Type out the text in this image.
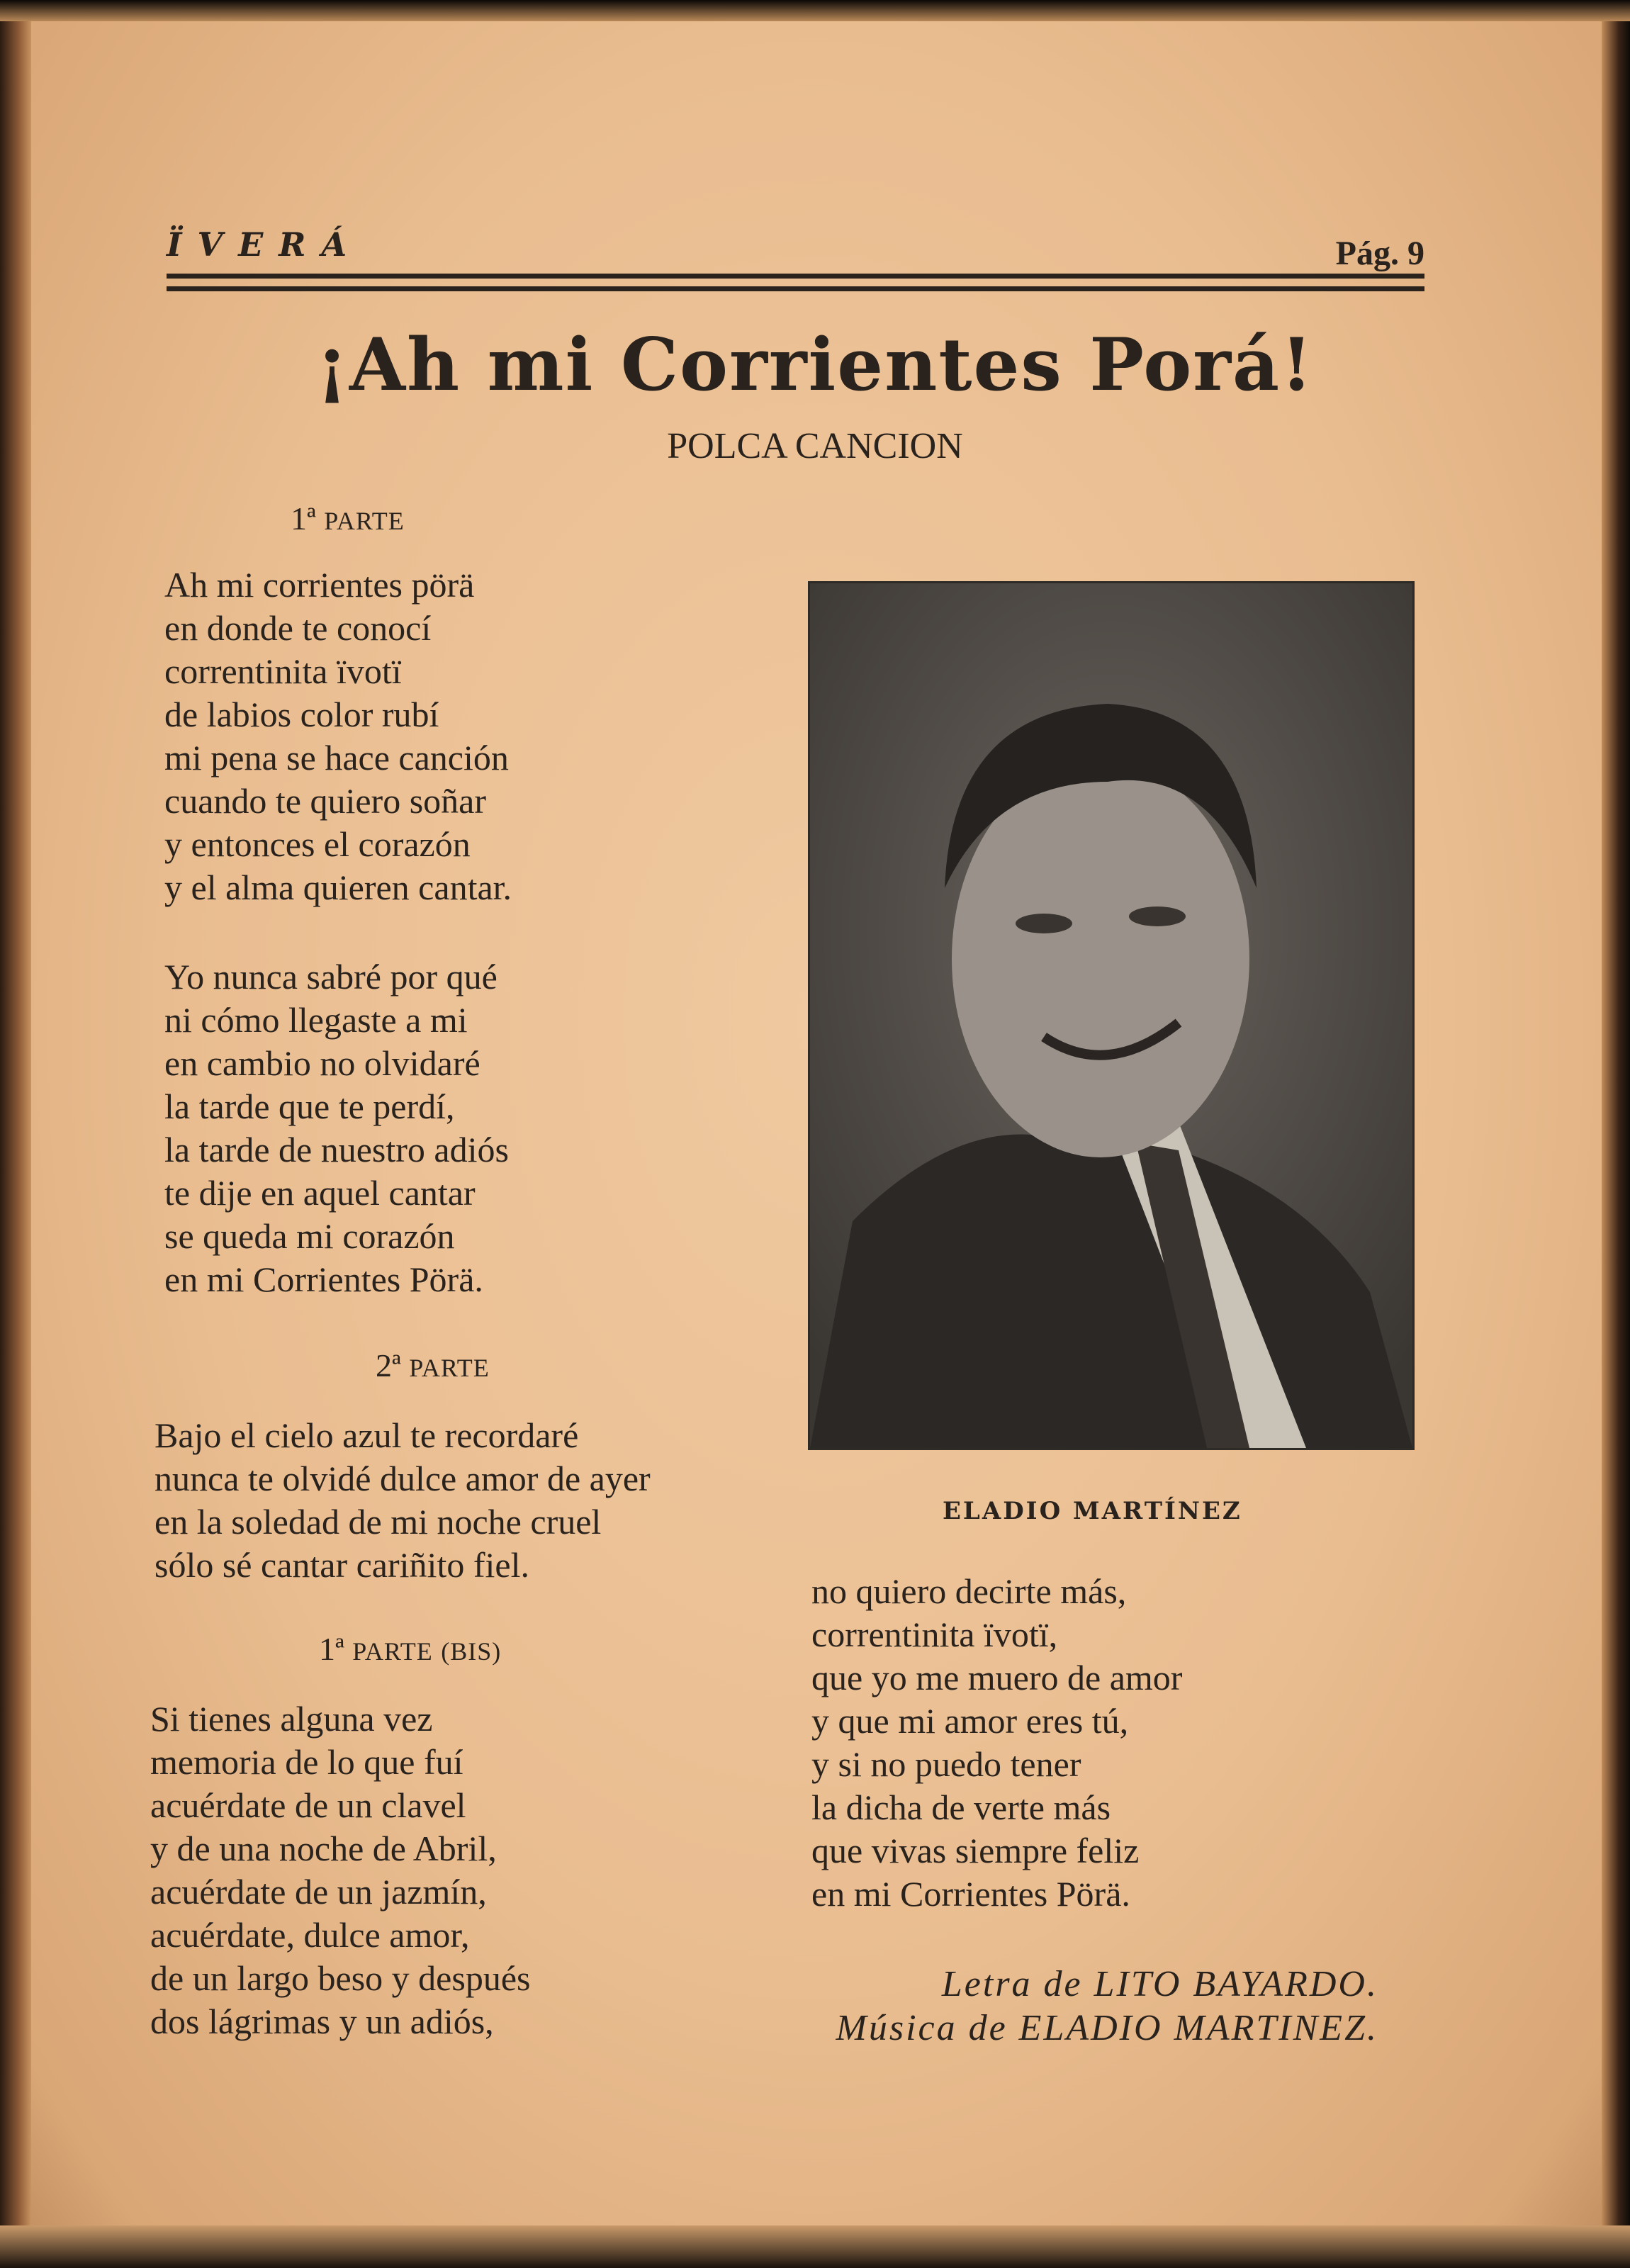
ÏVERÁ	Pág. 9
¡Ah mi Corrientes Porá!
POLCA CANCION
1ª PARTE
Ah mi corrientes pörä
en donde te conocí
correntinita ïvotï
de labios color rubí
mi pena se hace canción
cuando te quiero soñar
y entonces el corazón
y el alma quieren cantar.
Yo nunca sabré por qué
ni cómo llegaste a mi
en cambio no olvidaré
la tarde que te perdí,
la tarde de nuestro adiós
te dije en aquel cantar
se queda mi corazón
en mi Corrientes Pörä.
2ª PARTE
Bajo el cielo azul te recordaré
nunca te olvidé dulce amor de ayer
en la soledad de mi noche cruel
sólo sé cantar cariñito fiel.
1ª PARTE (BIS)
Si tienes alguna vez
memoria de lo que fuí
acuérdate de un clavel
y de una noche de Abril,
acuérdate de un jazmín,
acuérdate, dulce amor,
de un largo beso y después
dos lágrimas y un adiós,
ELADIO MARTÍNEZ
no quiero decirte más,
correntinita ïvotï,
que yo me muero de amor
y que mi amor eres tú,
y si no puedo tener
la dicha de verte más
que vivas siempre feliz
en mi Corrientes Pörä.
Letra de LITO BAYARDO.
Música de ELADIO MARTINEZ.
